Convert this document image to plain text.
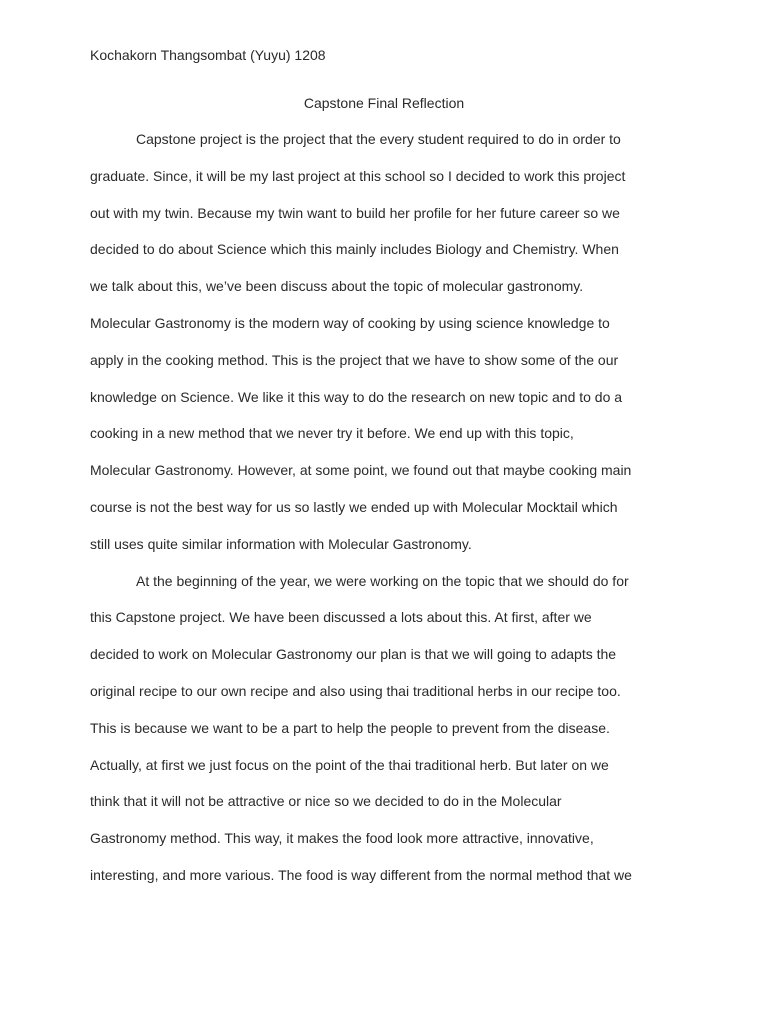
Kochakorn Thangsombat (Yuyu) 1208
Capstone Final Reflection
Capstone project is the project that the every student required to do in order to
graduate. Since, it will be my last project at this school so I decided to work this project
out with my twin. Because my twin want to build her profile for her future career so we
decided to do about Science which this mainly includes Biology and Chemistry. When
we talk about this, we’ve been discuss about the topic of molecular gastronomy.
Molecular Gastronomy is the modern way of cooking by using science knowledge to
apply in the cooking method. This is the project that we have to show some of the our
knowledge on Science. We like it this way to do the research on new topic and to do a
cooking in a new method that we never try it before. We end up with this topic,
Molecular Gastronomy. However, at some point, we found out that maybe cooking main
course is not the best way for us so lastly we ended up with Molecular Mocktail which
still uses quite similar information with Molecular Gastronomy.
At the beginning of the year, we were working on the topic that we should do for
this Capstone project. We have been discussed a lots about this. At first, after we
decided to work on Molecular Gastronomy our plan is that we will going to adapts the
original recipe to our own recipe and also using thai traditional herbs in our recipe too.
This is because we want to be a part to help the people to prevent from the disease.
Actually, at first we just focus on the point of the thai traditional herb. But later on we
think that it will not be attractive or nice so we decided to do in the Molecular
Gastronomy method. This way, it makes the food look more attractive, innovative,
interesting, and more various. The food is way different from the normal method that we
